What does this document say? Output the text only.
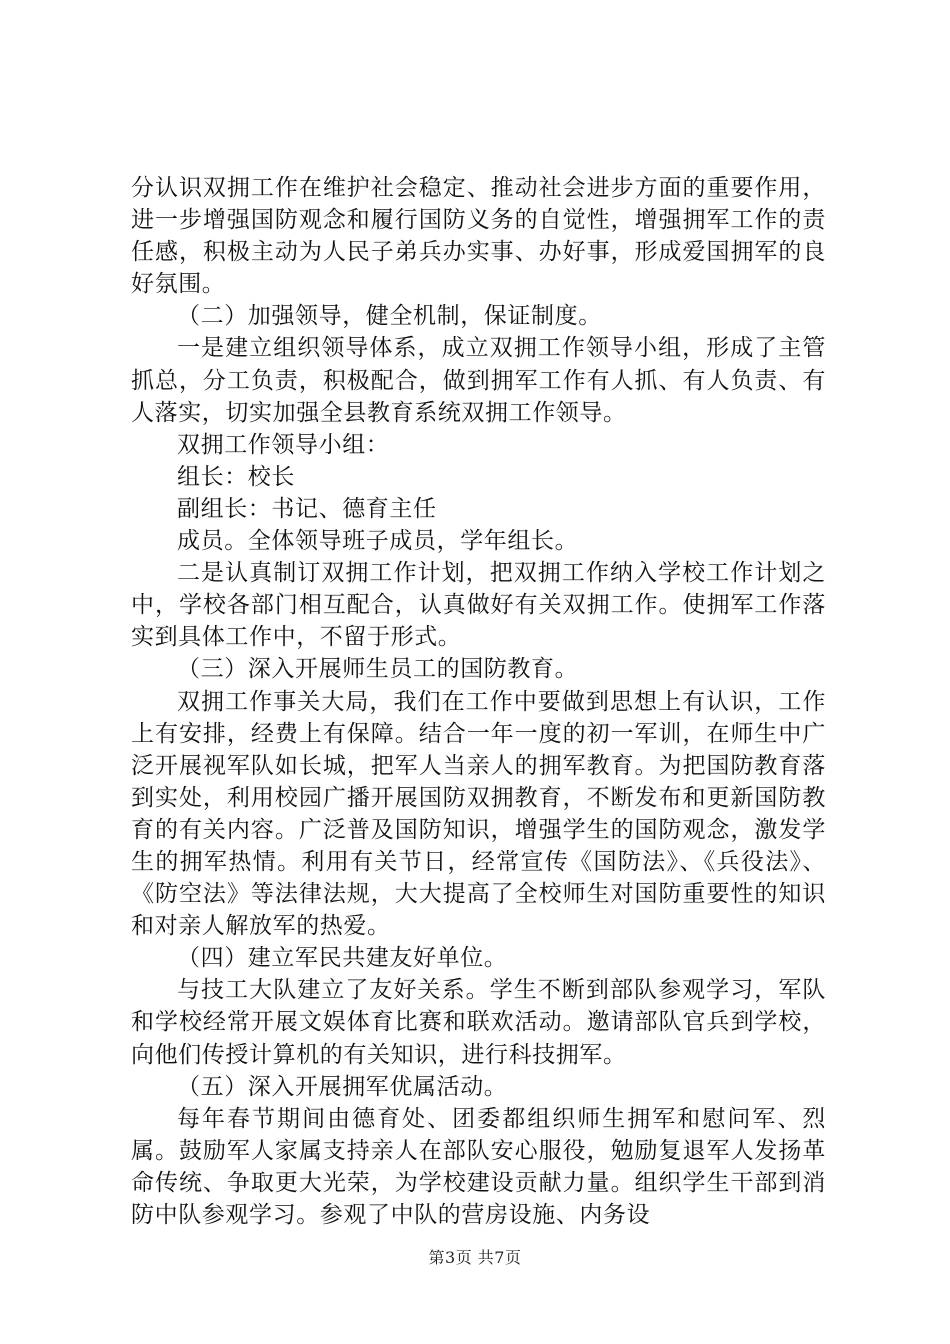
分认识双拥工作在维护社会稳定、推动社会进步方面的重要作用，进一步增强国防观念和履行国防义务的自觉性，增强拥军工作的责任感，积极主动为人民子弟兵办实事、办好事，形成爱国拥军的良好氛围。

（二）加强领导，健全机制，保证制度。

一是建立组织领导体系，成立双拥工作领导小组，形成了主管抓总，分工负责，积极配合，做到拥军工作有人抓、有人负责、有人落实，切实加强全县教育系统双拥工作领导。

双拥工作领导小组：

组长：校长

副组长：书记、德育主任

成员。全体领导班子成员，学年组长。

二是认真制订双拥工作计划，把双拥工作纳入学校工作计划之中，学校各部门相互配合，认真做好有关双拥工作。使拥军工作落实到具体工作中，不留于形式。

（三）深入开展师生员工的国防教育。

双拥工作事关大局，我们在工作中要做到思想上有认识，工作上有安排，经费上有保障。结合一年一度的初一军训，在师生中广泛开展视军队如长城，把军人当亲人的拥军教育。为把国防教育落到实处，利用校园广播开展国防双拥教育，不断发布和更新国防教育的有关内容。广泛普及国防知识，增强学生的国防观念，激发学生的拥军热情。利用有关节日，经常宣传《国防法》、《兵役法》、《防空法》等法律法规，大大提高了全校师生对国防重要性的知识和对亲人解放军的热爱。

（四）建立军民共建友好单位。

与技工大队建立了友好关系。学生不断到部队参观学习，军队和学校经常开展文娱体育比赛和联欢活动。邀请部队官兵到学校，向他们传授计算机的有关知识，进行科技拥军。

（五）深入开展拥军优属活动。

每年春节期间由德育处、团委都组织师生拥军和慰问军、烈属。鼓励军人家属支持亲人在部队安心服役，勉励复退军人发扬革命传统、争取更大光荣，为学校建设贡献力量。组织学生干部到消防中队参观学习。参观了中队的营房设施、内务设

第3页 共7页
